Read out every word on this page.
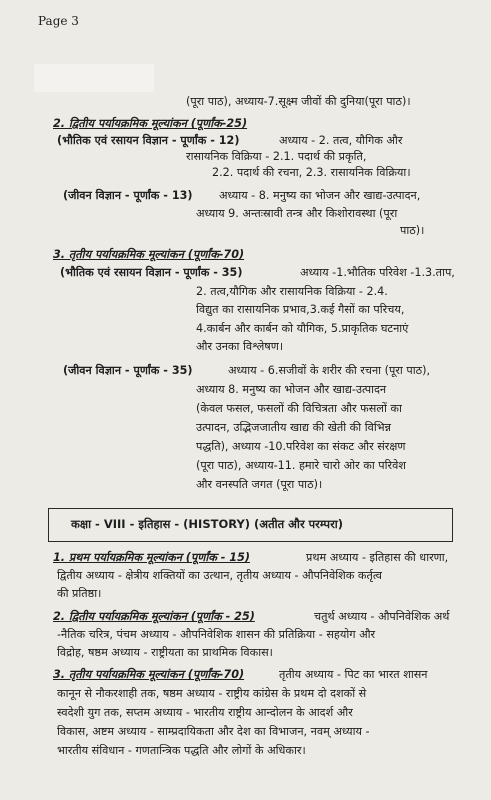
Page 3
(पूरा पाठ), अध्याय-7.सूक्ष्म जीवों की दुनिया(पूरा पाठ)।
2. द्वितीय पर्यायक्रमिक मूल्यांकन (पूर्णांक-25)
(भौतिक एवं रसायन विज्ञान - पूर्णांक - 12)	अध्याय - 2. तत्व, यौगिक और
रासायनिक विक्रिया - 2.1. पदार्थ की प्रकृति,
2.2. पदार्थ की रचना, 2.3. रासायनिक विक्रिया।
(जीवन विज्ञान - पूर्णांक - 13) अध्याय - 8. मनुष्य का भोजन और खाद्य-उत्पादन,
अध्याय 9. अन्तःस्रावी तन्त्र और किशोरावस्था (पूरा
पाठ)।
3. तृतीय पर्यायक्रमिक मूल्यांकन (पूर्णांक-70)
(भौतिक एवं रसायन विज्ञान - पूर्णांक - 35)	अध्याय -1.भौतिक परिवेश -1.3.ताप,
2. तत्व,यौगिक और रासायनिक विक्रिया - 2.4.
विद्युत का रासायनिक प्रभाव,3.कई गैसों का परिचय,
4.कार्बन और कार्बन को यौगिक, 5.प्राकृतिक घटनाएं
और उनका विश्लेषण।
(जीवन विज्ञान - पूर्णांक - 35)	अध्याय - 6.सजीवों के शरीर की रचना (पूरा पाठ),
अध्याय 8. मनुष्य का भोजन और खाद्य-उत्पादन
(केवल फसल, फसलों की विचित्रता और फसलों का
उत्पादन, उद्भिजजातीय खाद्य की खेती की विभिन्न
पद्धति), अध्याय -10.परिवेश का संकट और संरक्षण
(पूरा पाठ), अध्याय-11. हमारे चारो ओर का परिवेश
और वनस्पति जगत (पूरा पाठ)।
कक्षा - VIII - इतिहास - (HISTORY) (अतीत और परम्परा)
1. प्रथम पर्यायक्रमिक मूल्यांकन (पूर्णांक - 15)	प्रथम अध्याय - इतिहास की धारणा,
द्वितीय अध्याय - क्षेत्रीय शक्तियों का उत्थान, तृतीय अध्याय - औपनिवेशिक कर्तृत्व
की प्रतिष्ठा।
2. द्वितीय पर्यायक्रमिक मूल्यांकन (पूर्णांक - 25)	चतुर्थ अध्याय - औपनिवेशिक अर्थ
-नैतिक चरित्र, पंचम अध्याय - औपनिवेशिक शासन की प्रतिक्रिया - सहयोग और
विद्रोह, षष्ठम अध्याय - राष्ट्रीयता का प्राथमिक विकास।
3. तृतीय पर्यायक्रमिक मूल्यांकन (पूर्णांक-70)	तृतीय अध्याय - पिट का भारत शासन
कानून से नौकरशाही तक, षष्ठम अध्याय - राष्ट्रीय कांग्रेस के प्रथम दो दशकों से
स्वदेशी युग तक, सप्तम अध्याय - भारतीय राष्ट्रीय आन्दोलन के आदर्श और
विकास, अष्टम अध्याय - साम्प्रदायिकता और देश का विभाजन, नवम् अध्याय -
भारतीय संविधान - गणतान्त्रिक पद्धति और लोगों के अधिकार।
